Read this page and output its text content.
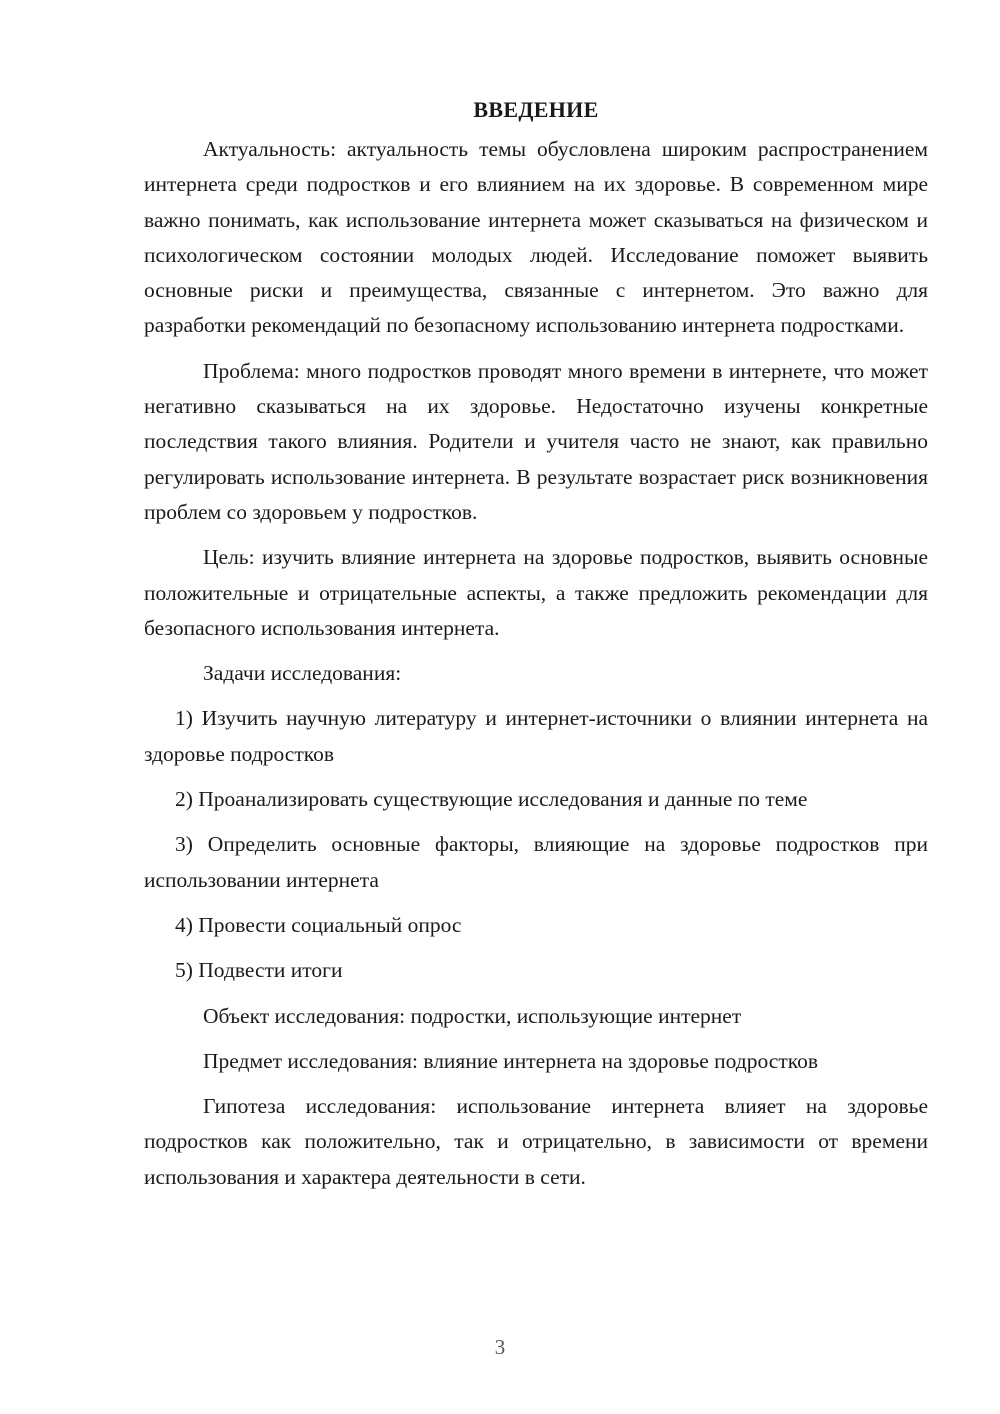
ВВЕДЕНИЕ

Актуальность: актуальность темы обусловлена широким распространением интернета среди подростков и его влиянием на их здоровье. В современном мире важно понимать, как использование интернета может сказываться на физическом и психологическом состоянии молодых людей. Исследование поможет выявить основные риски и преимущества, связанные с интернетом. Это важно для разработки рекомендаций по безопасному использованию интернета подростками.

Проблема: много подростков проводят много времени в интернете, что может негативно сказываться на их здоровье. Недостаточно изучены конкретные последствия такого влияния. Родители и учителя часто не знают, как правильно регулировать использование интернета. В результате возрастает риск возникновения проблем со здоровьем у подростков.

Цель: изучить влияние интернета на здоровье подростков, выявить основные положительные и отрицательные аспекты, а также предложить рекомендации для безопасного использования интернета.

Задачи исследования:

1) Изучить научную литературу и интернет-источники о влиянии интернета на здоровье подростков

2) Проанализировать существующие исследования и данные по теме

3) Определить основные факторы, влияющие на здоровье подростков при использовании интернета

4) Провести социальный опрос

5) Подвести итоги

Объект исследования: подростки, использующие интернет

Предмет исследования: влияние интернета на здоровье подростков

Гипотеза исследования: использование интернета влияет на здоровье подростков как положительно, так и отрицательно, в зависимости от времени использования и характера деятельности в сети.

3
